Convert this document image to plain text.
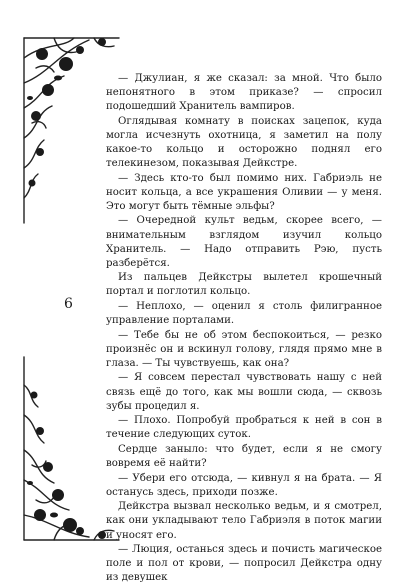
6

— Джулиан, я же сказал: за мной. Что было непонятного в этом приказе? — спросил подошедший Хранитель вампиров.

Оглядывая комнату в поисках зацепок, куда могла исчезнуть охотница, я заметил на полу какое-то кольцо и осторожно поднял его телекинезом, показывая Дейкстре.

— Здесь кто-то был помимо них. Габриэль не носит кольца, а все украшения Оливии — у меня. Это могут быть тёмные эльфы?

— Очередной культ ведьм, скорее всего, — внимательным взглядом изучил кольцо Хранитель. — Надо отправить Рэю, пусть разберётся.

Из пальцев Дейкстры вылетел крошечный портал и поглотил кольцо.

— Неплохо, — оценил я столь филигранное управление порталами.

— Тебе бы не об этом беспокоиться, — резко произнёс он и вскинул голову, глядя прямо мне в глаза. — Ты чувствуешь, как она?

— Я совсем перестал чувствовать нашу с ней связь ещё до того, как мы вошли сюда, — сквозь зубы процедил я.

— Плохо. Попробуй пробраться к ней в сон в течение следующих суток.

Сердце заныло: что будет, если я не смогу вовремя её найти?

— Убери его отсюда, — кивнул я на брата. — Я останусь здесь, приходи позже.

Дейкстра вызвал несколько ведьм, и я смотрел, как они укладывают тело Габриэля в поток магии и уносят его.

— Люция, останься здесь и почисть магическое поле и пол от крови, — попросил Дейкстра одну из девушек
